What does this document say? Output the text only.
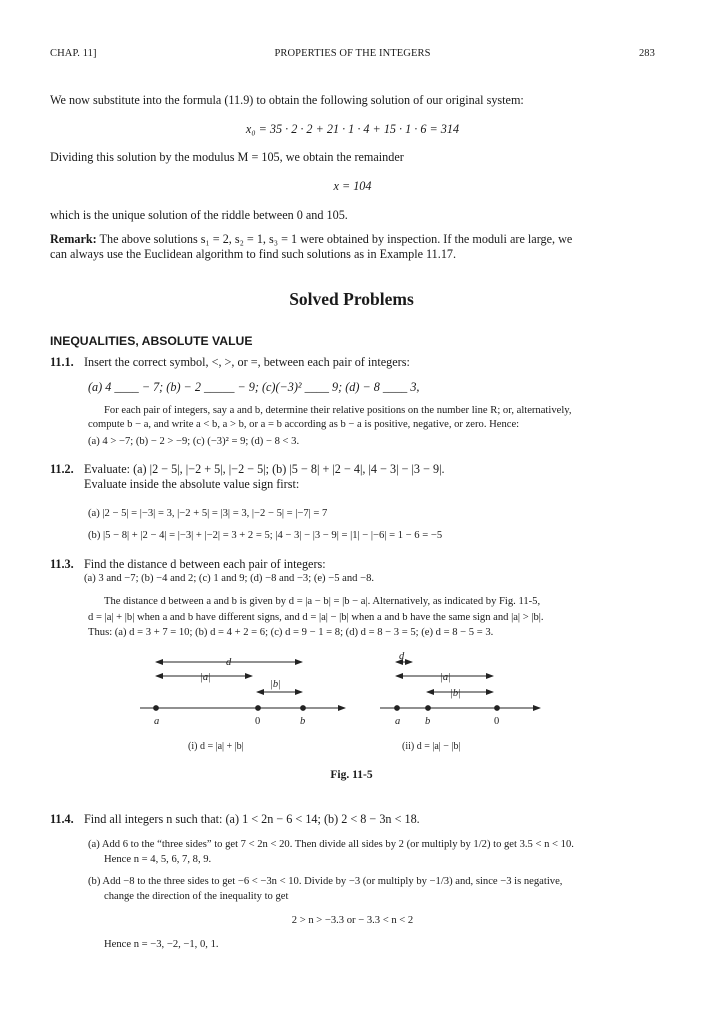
CHAP. 11]	PROPERTIES OF THE INTEGERS	283
We now substitute into the formula (11.9) to obtain the following solution of our original system:
x₀ = 35 · 2 · 2 + 21 · 1 · 4 + 15 · 1 · 6 = 314
Dividing this solution by the modulus M = 105, we obtain the remainder
x = 104
which is the unique solution of the riddle between 0 and 105.
Remark: The above solutions s₁ = 2, s₂ = 1, s₃ = 1 were obtained by inspection. If the moduli are large, we
can always use the Euclidean algorithm to find such solutions as in Example 11.17.
Solved Problems
INEQUALITIES, ABSOLUTE VALUE
11.1. Insert the correct symbol, <, >, or =, between each pair of integers:
(a) 4 ____ − 7; (b) − 2 _____ − 9; (c)(−3)² ____ 9; (d) − 8 ____ 3,
For each pair of integers, say a and b, determine their relative positions on the number line R; or, alternatively,
compute b − a, and write a < b, a > b, or a = b according as b − a is positive, negative, or zero. Hence:
(a) 4 > −7; (b) − 2 > −9; (c) (−3)² = 9; (d) − 8 < 3.
11.2. Evaluate: (a) |2 − 5|, |−2 + 5|, |−2 − 5|; (b) |5 − 8| + |2 − 4|, |4 − 3| − |3 − 9|.
Evaluate inside the absolute value sign first:
(a) |2 − 5| = |−3| = 3, |−2 + 5| = |3| = 3, |−2 − 5| = |−7| = 7
(b) |5 − 8| + |2 − 4| = |−3| + |−2| = 3 + 2 = 5; |4 − 3| − |3 − 9| = |1| − |−6| = 1 − 6 = −5
11.3. Find the distance d between each pair of integers:
(a) 3 and −7; (b) −4 and 2; (c) 1 and 9; (d) −8 and −3; (e) −5 and −8.
The distance d between a and b is given by d = |a − b| = |b − a|. Alternatively, as indicated by Fig. 11-5,
d = |a| + |b| when a and b have different signs, and d = |a| − |b| when a and b have the same sign and |a| > |b|.
Thus: (a) d = 3 + 7 = 10; (b) d = 4 + 2 = 6; (c) d = 9 − 1 = 8; (d) d = 8 − 3 = 5; (e) d = 8 − 5 = 3.
d
|a|
|b|
a	0	b
(i) d = |a| + |b|
d
|a|
|b|
a b	0
(ii) d = |a| − |b|
Fig. 11-5
11.4. Find all integers n such that: (a) 1 < 2n − 6 < 14; (b) 2 < 8 − 3n < 18.
(a) Add 6 to the “three sides” to get 7 < 2n < 20. Then divide all sides by 2 (or multiply by 1/2) to get 3.5 < n < 10.
Hence n = 4, 5, 6, 7, 8, 9.
(b) Add −8 to the three sides to get −6 < −3n < 10. Divide by −3 (or multiply by −1/3) and, since −3 is negative,
change the direction of the inequality to get
2 > n > −3.3 or − 3.3 < n < 2
Hence n = −3, −2, −1, 0, 1.
